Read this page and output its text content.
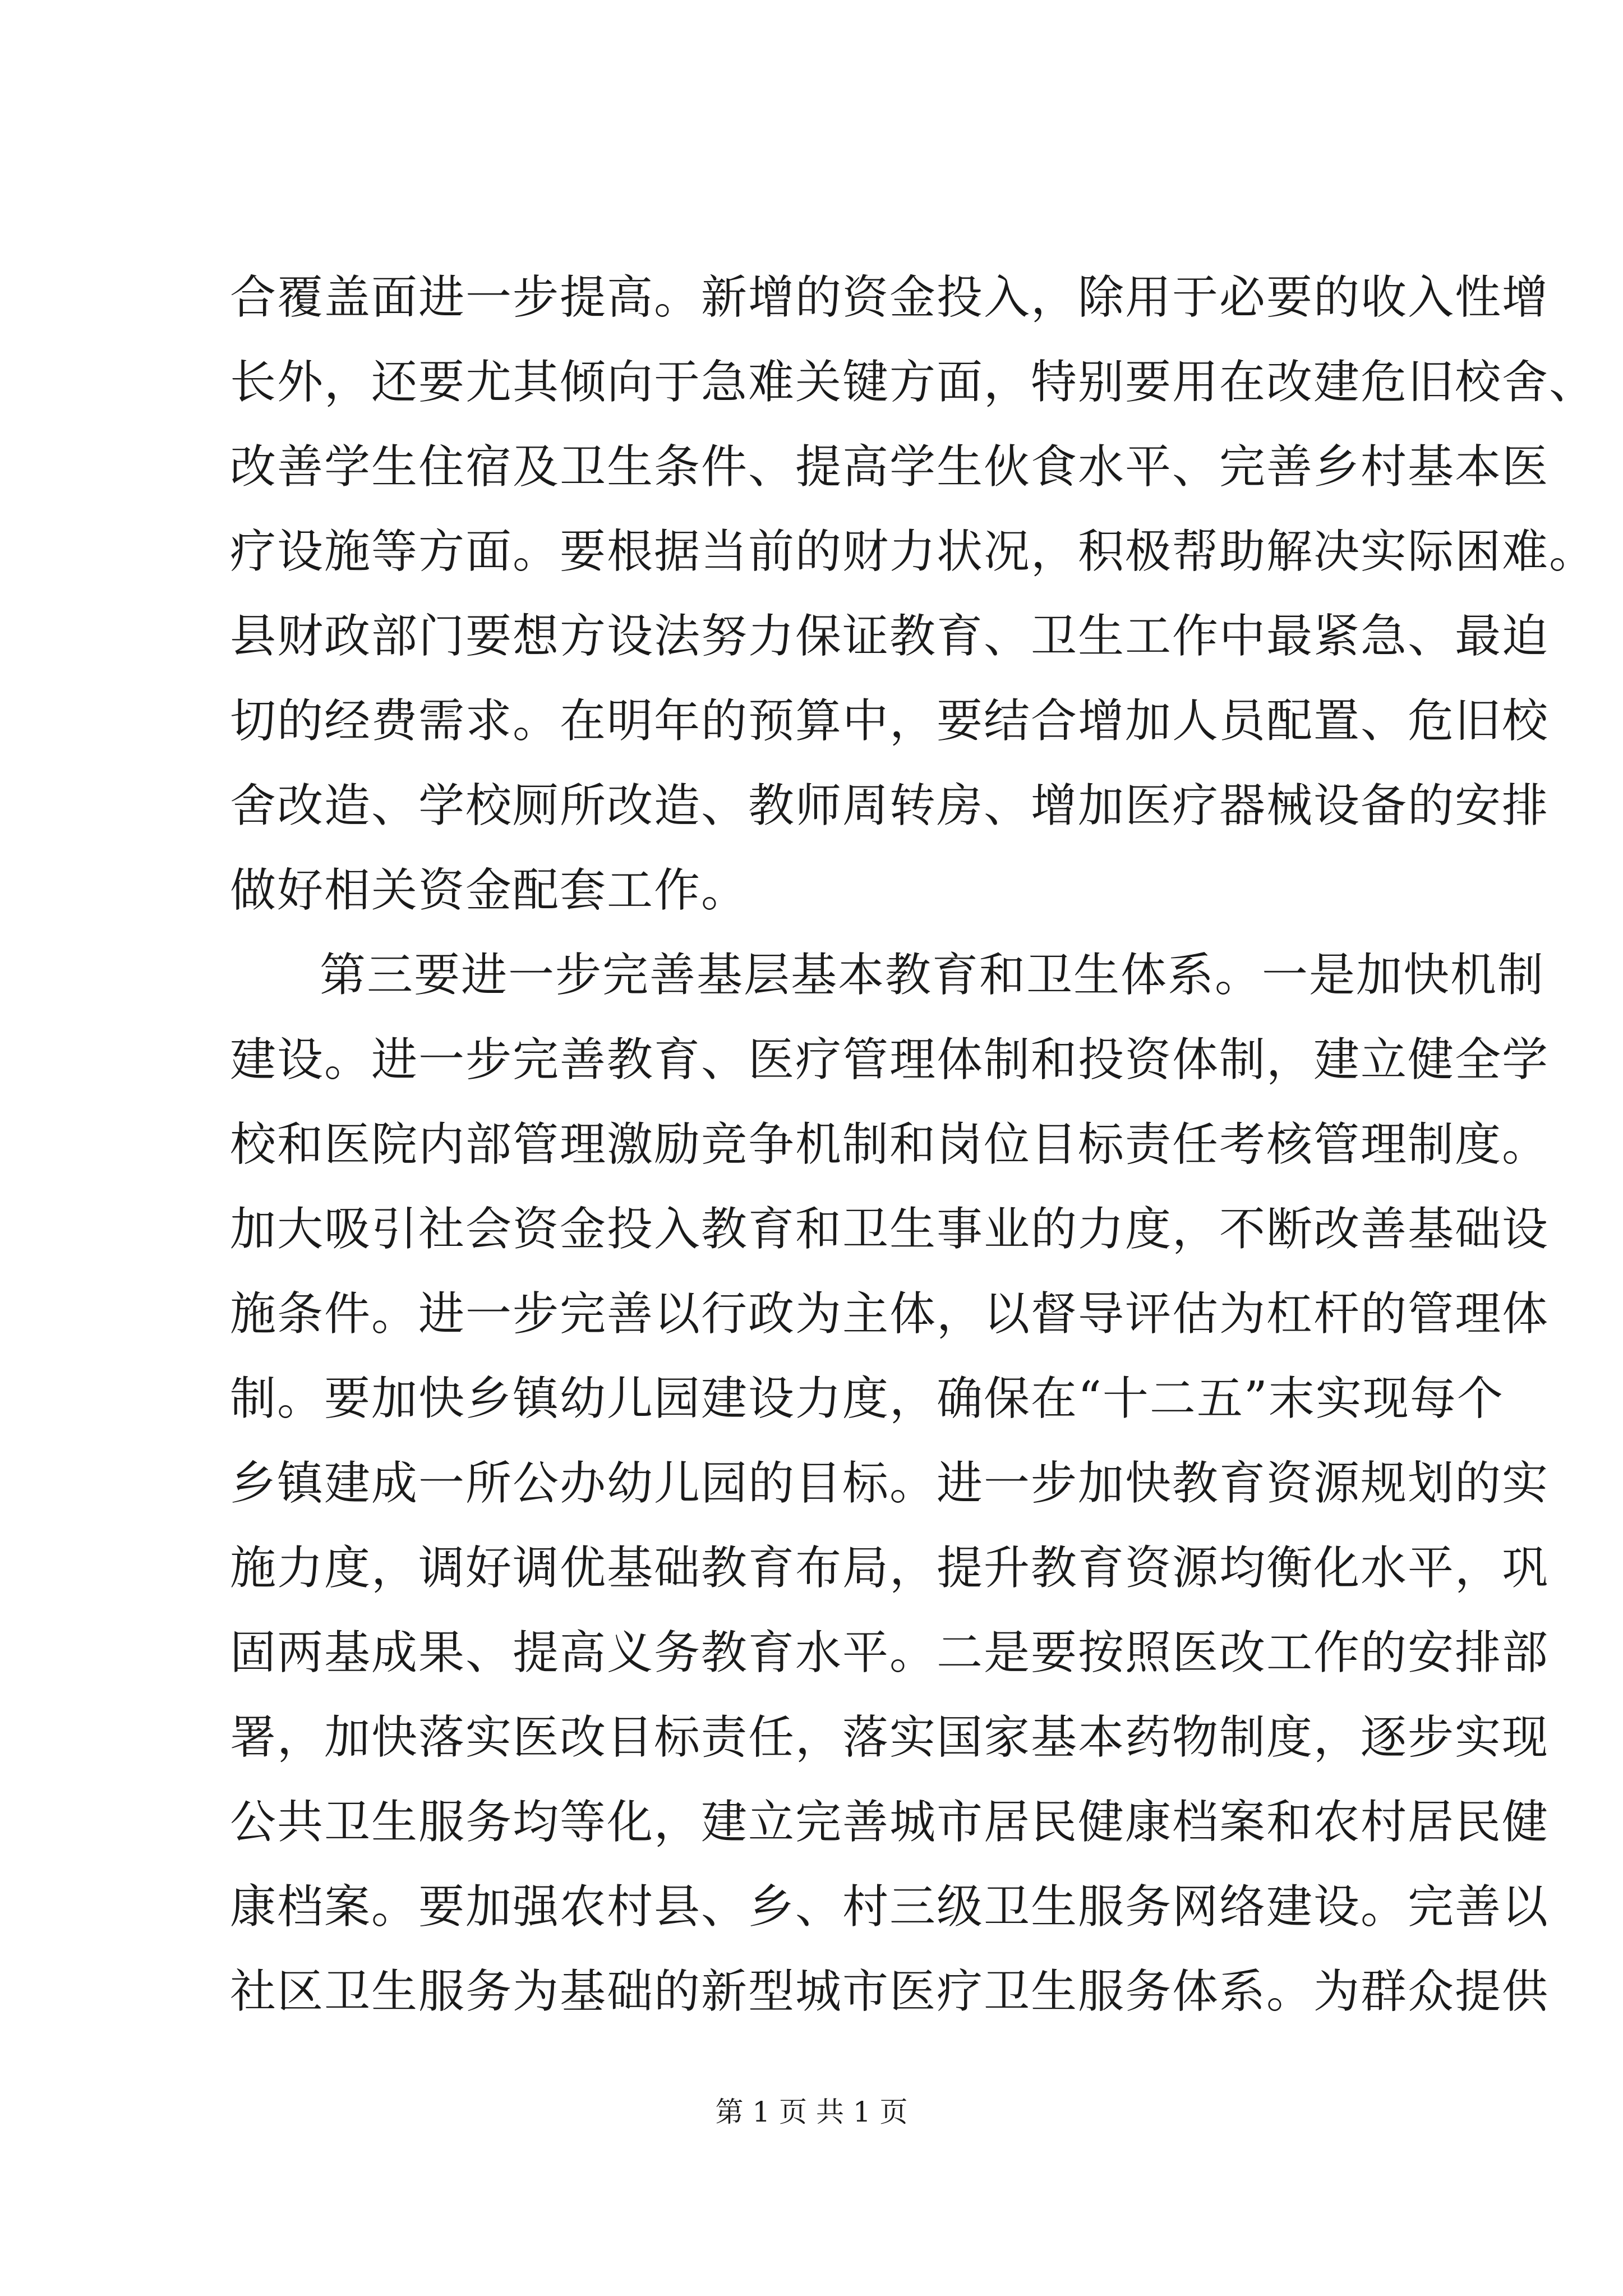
合覆盖面进一步提高。新增的资金投入，除用于必要的收入性增
长外，还要尤其倾向于急难关键方面，特别要用在改建危旧校舍、
改善学生住宿及卫生条件、提高学生伙食水平、完善乡村基本医
疗设施等方面。要根据当前的财力状况，积极帮助解决实际困难。
县财政部门要想方设法努力保证教育、卫生工作中最紧急、最迫
切的经费需求。在明年的预算中，要结合增加人员配置、危旧校
舍改造、学校厕所改造、教师周转房、增加医疗器械设备的安排
做好相关资金配套工作。
第三要进一步完善基层基本教育和卫生体系。一是加快机制
建设。进一步完善教育、医疗管理体制和投资体制，建立健全学
校和医院内部管理激励竞争机制和岗位目标责任考核管理制度。
加大吸引社会资金投入教育和卫生事业的力度，不断改善基础设
施条件。进一步完善以行政为主体，以督导评估为杠杆的管理体
制。要加快乡镇幼儿园建设力度，确保在“十二五”末实现每个
乡镇建成一所公办幼儿园的目标。进一步加快教育资源规划的实
施力度，调好调优基础教育布局，提升教育资源均衡化水平，巩
固两基成果、提高义务教育水平。二是要按照医改工作的安排部
署，加快落实医改目标责任，落实国家基本药物制度，逐步实现
公共卫生服务均等化，建立完善城市居民健康档案和农村居民健
康档案。要加强农村县、乡、村三级卫生服务网络建设。完善以
社区卫生服务为基础的新型城市医疗卫生服务体系。为群众提供
第 1 页 共 1 页
